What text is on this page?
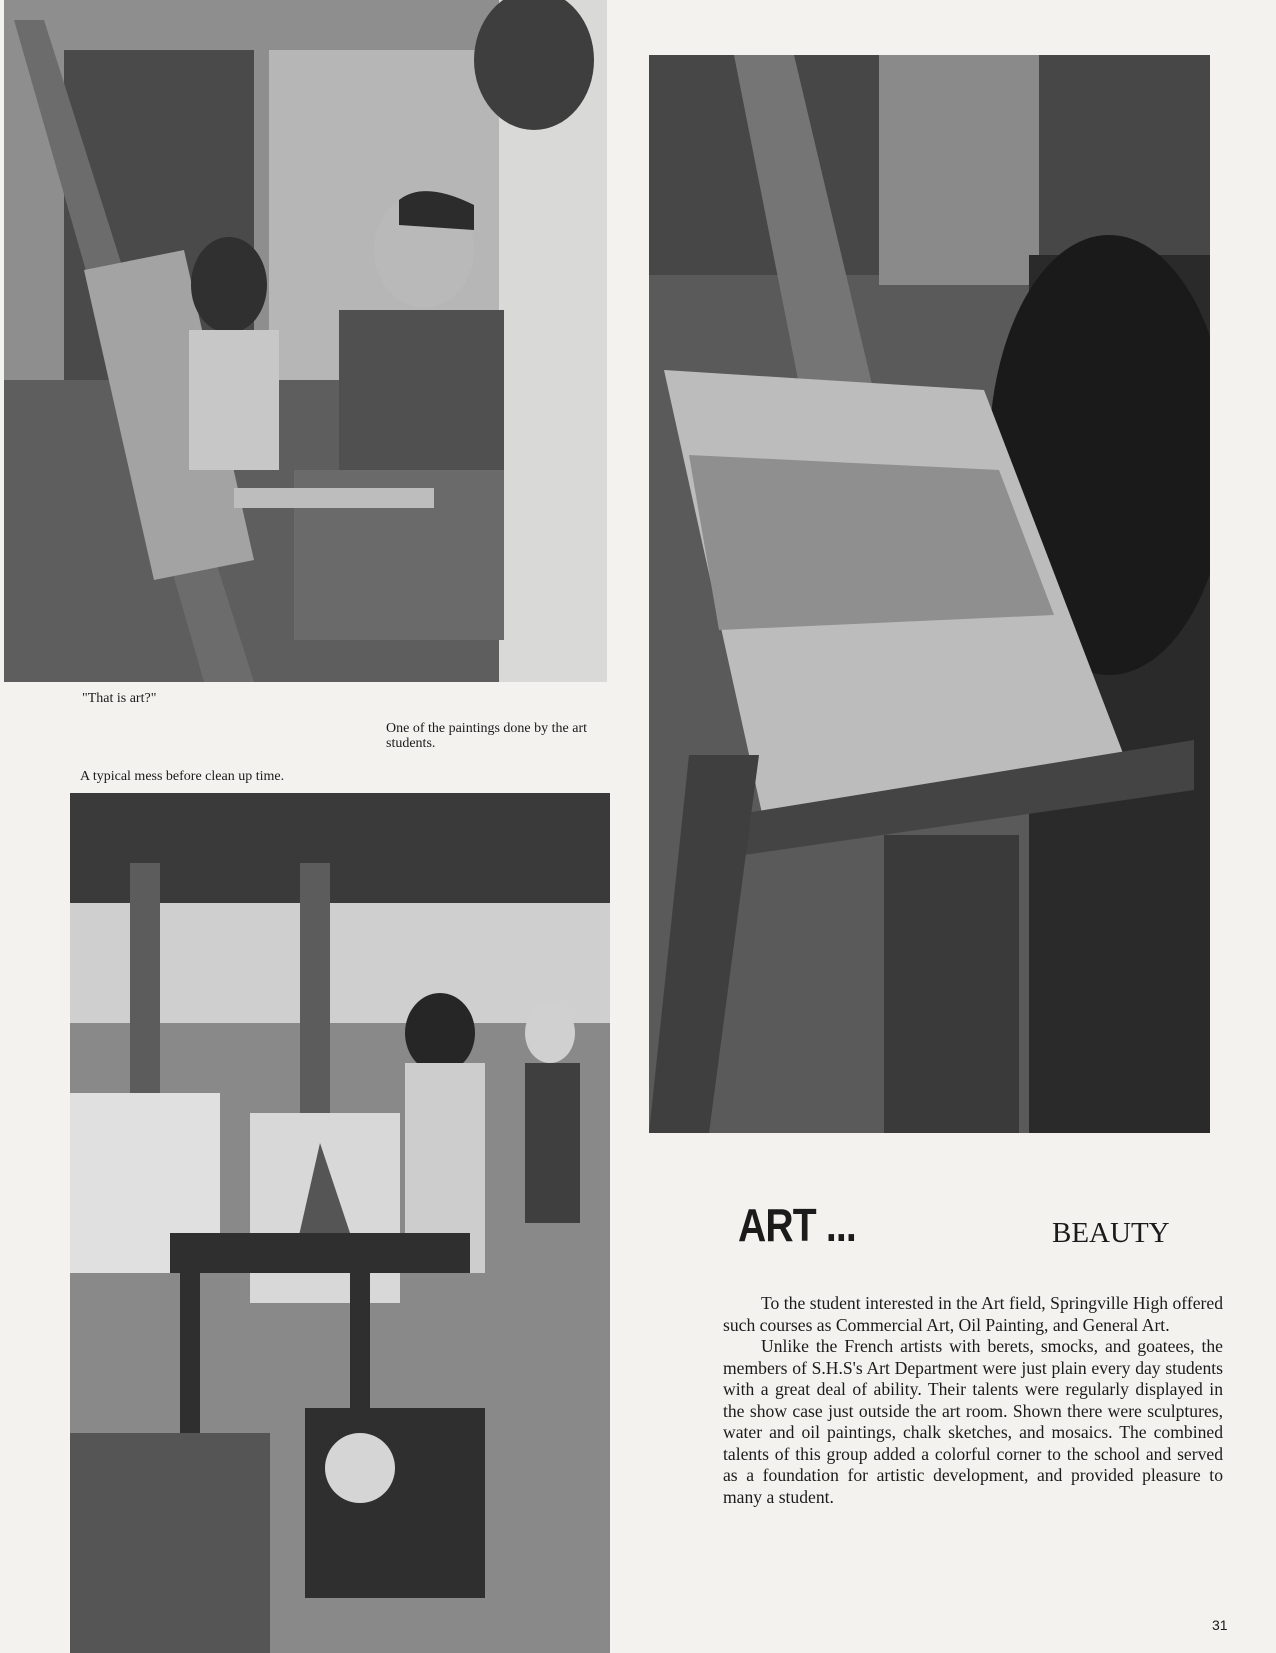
"That is art?"
One of the paintings done by the art students.
A typical mess before clean up time.
ART ...	BEAUTY

To the student interested in the Art field, Springville High offered such courses as Commercial Art, Oil Painting, and General Art.

Unlike the French artists with berets, smocks, and goatees, the members of S.H.S's Art Department were just plain every day students with a great deal of ability. Their talents were regularly displayed in the show case just outside the art room. Shown there were sculptures, water and oil paintings, chalk sketches, and mosaics. The combined talents of this group added a colorful corner to the school and served as a foundation for artistic development, and provided pleasure to many a student.

31
